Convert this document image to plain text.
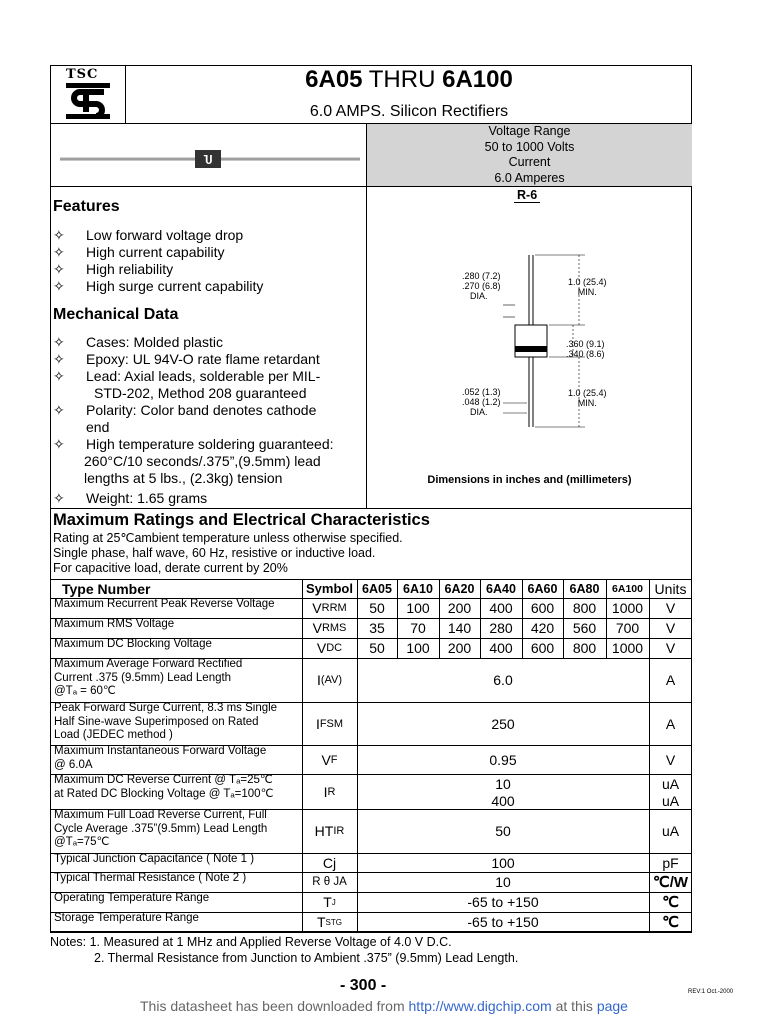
TSC	6A05 THRU 6A100
6.0 AMPS. Silicon Rectifiers
Voltage Range
50 to 1000 Volts
Current
6.0 Amperes
Ⴎ
Features
✧ Low forward voltage drop
✧ High current capability
✧ High reliability
✧ High surge current capability
Mechanical Data
✧ Cases: Molded plastic
✧ Epoxy: UL 94V-O rate flame retardant
✧ Lead: Axial leads, solderable per MIL-
STD-202, Method 208 guaranteed
✧ Polarity: Color band denotes cathode
end
✧ High temperature soldering guaranteed:
260°C/10 seconds/.375”,(9.5mm) lead
lengths at 5 lbs., (2.3kg) tension
✧ Weight: 1.65 grams
R-6
.280 (7.2)
.270 (6.8)
DIA.
1.0 (25.4)
MIN.
.360 (9.1)
.340 (8.6)
.052 (1.3)
.048 (1.2)
DIA.
1.0 (25.4)
MIN.
Dimensions in inches and (millimeters)
Maximum Ratings and Electrical Characteristics
Rating at 25℃ambient temperature unless otherwise specified.
Single phase, half wave, 60 Hz, resistive or inductive load.
For capacitive load, derate current by 20%
Type Number	Symbol 6A05 6A10 6A20 6A40 6A60 6A80	6A100 Units
Maximum Recurrent Peak Reverse Voltage	V RRM	50	100	200	400	600	800	1000	V
Maximum RMS Voltage	V RMS	35	70	140	280	420	560	700	V
Maximum DC Blocking Voltage	V DC	50	100	200	400	600	800	1000	V
Maximum Average Forward Rectified
Current .375 (9.5mm) Lead Length
@Tₐ = 60℃
I (AV)	6.0	A
Peak Forward Surge Current, 8.3 ms Single
Half Sine-wave Superimposed on Rated
Load (JEDEC method )
I FSM	250	A
Maximum Instantaneous Forward Voltage
@ 6.0A	V F	0.95	V
Maximum DC Reverse Current @ Tₐ=25℃
at Rated DC Blocking Voltage @ Tₐ=100℃	I R	10
400
uA
uA
Maximum Full Load Reverse Current, Full
Cycle Average .375”(9.5mm) Lead Length
@Tₐ=75℃
HT IR	50	uA
Typical Junction Capacitance ( Note 1 )	Cj	100	pF
Typical Thermal Resistance ( Note 2 )	R θ JA	10	℃/W
Operating Temperature Range	T J	-65 to +150	℃
Storage Temperature Range	T STG	-65 to +150	℃
Notes: 1. Measured at 1 MHz and Applied Reverse Voltage of 4.0 V D.C.
2. Thermal Resistance from Junction to Ambient .375” (9.5mm) Lead Length.
- 300 -	REV:1 Oct.-2000
This datasheet has been downloaded from http://www.digchip.com at this page
